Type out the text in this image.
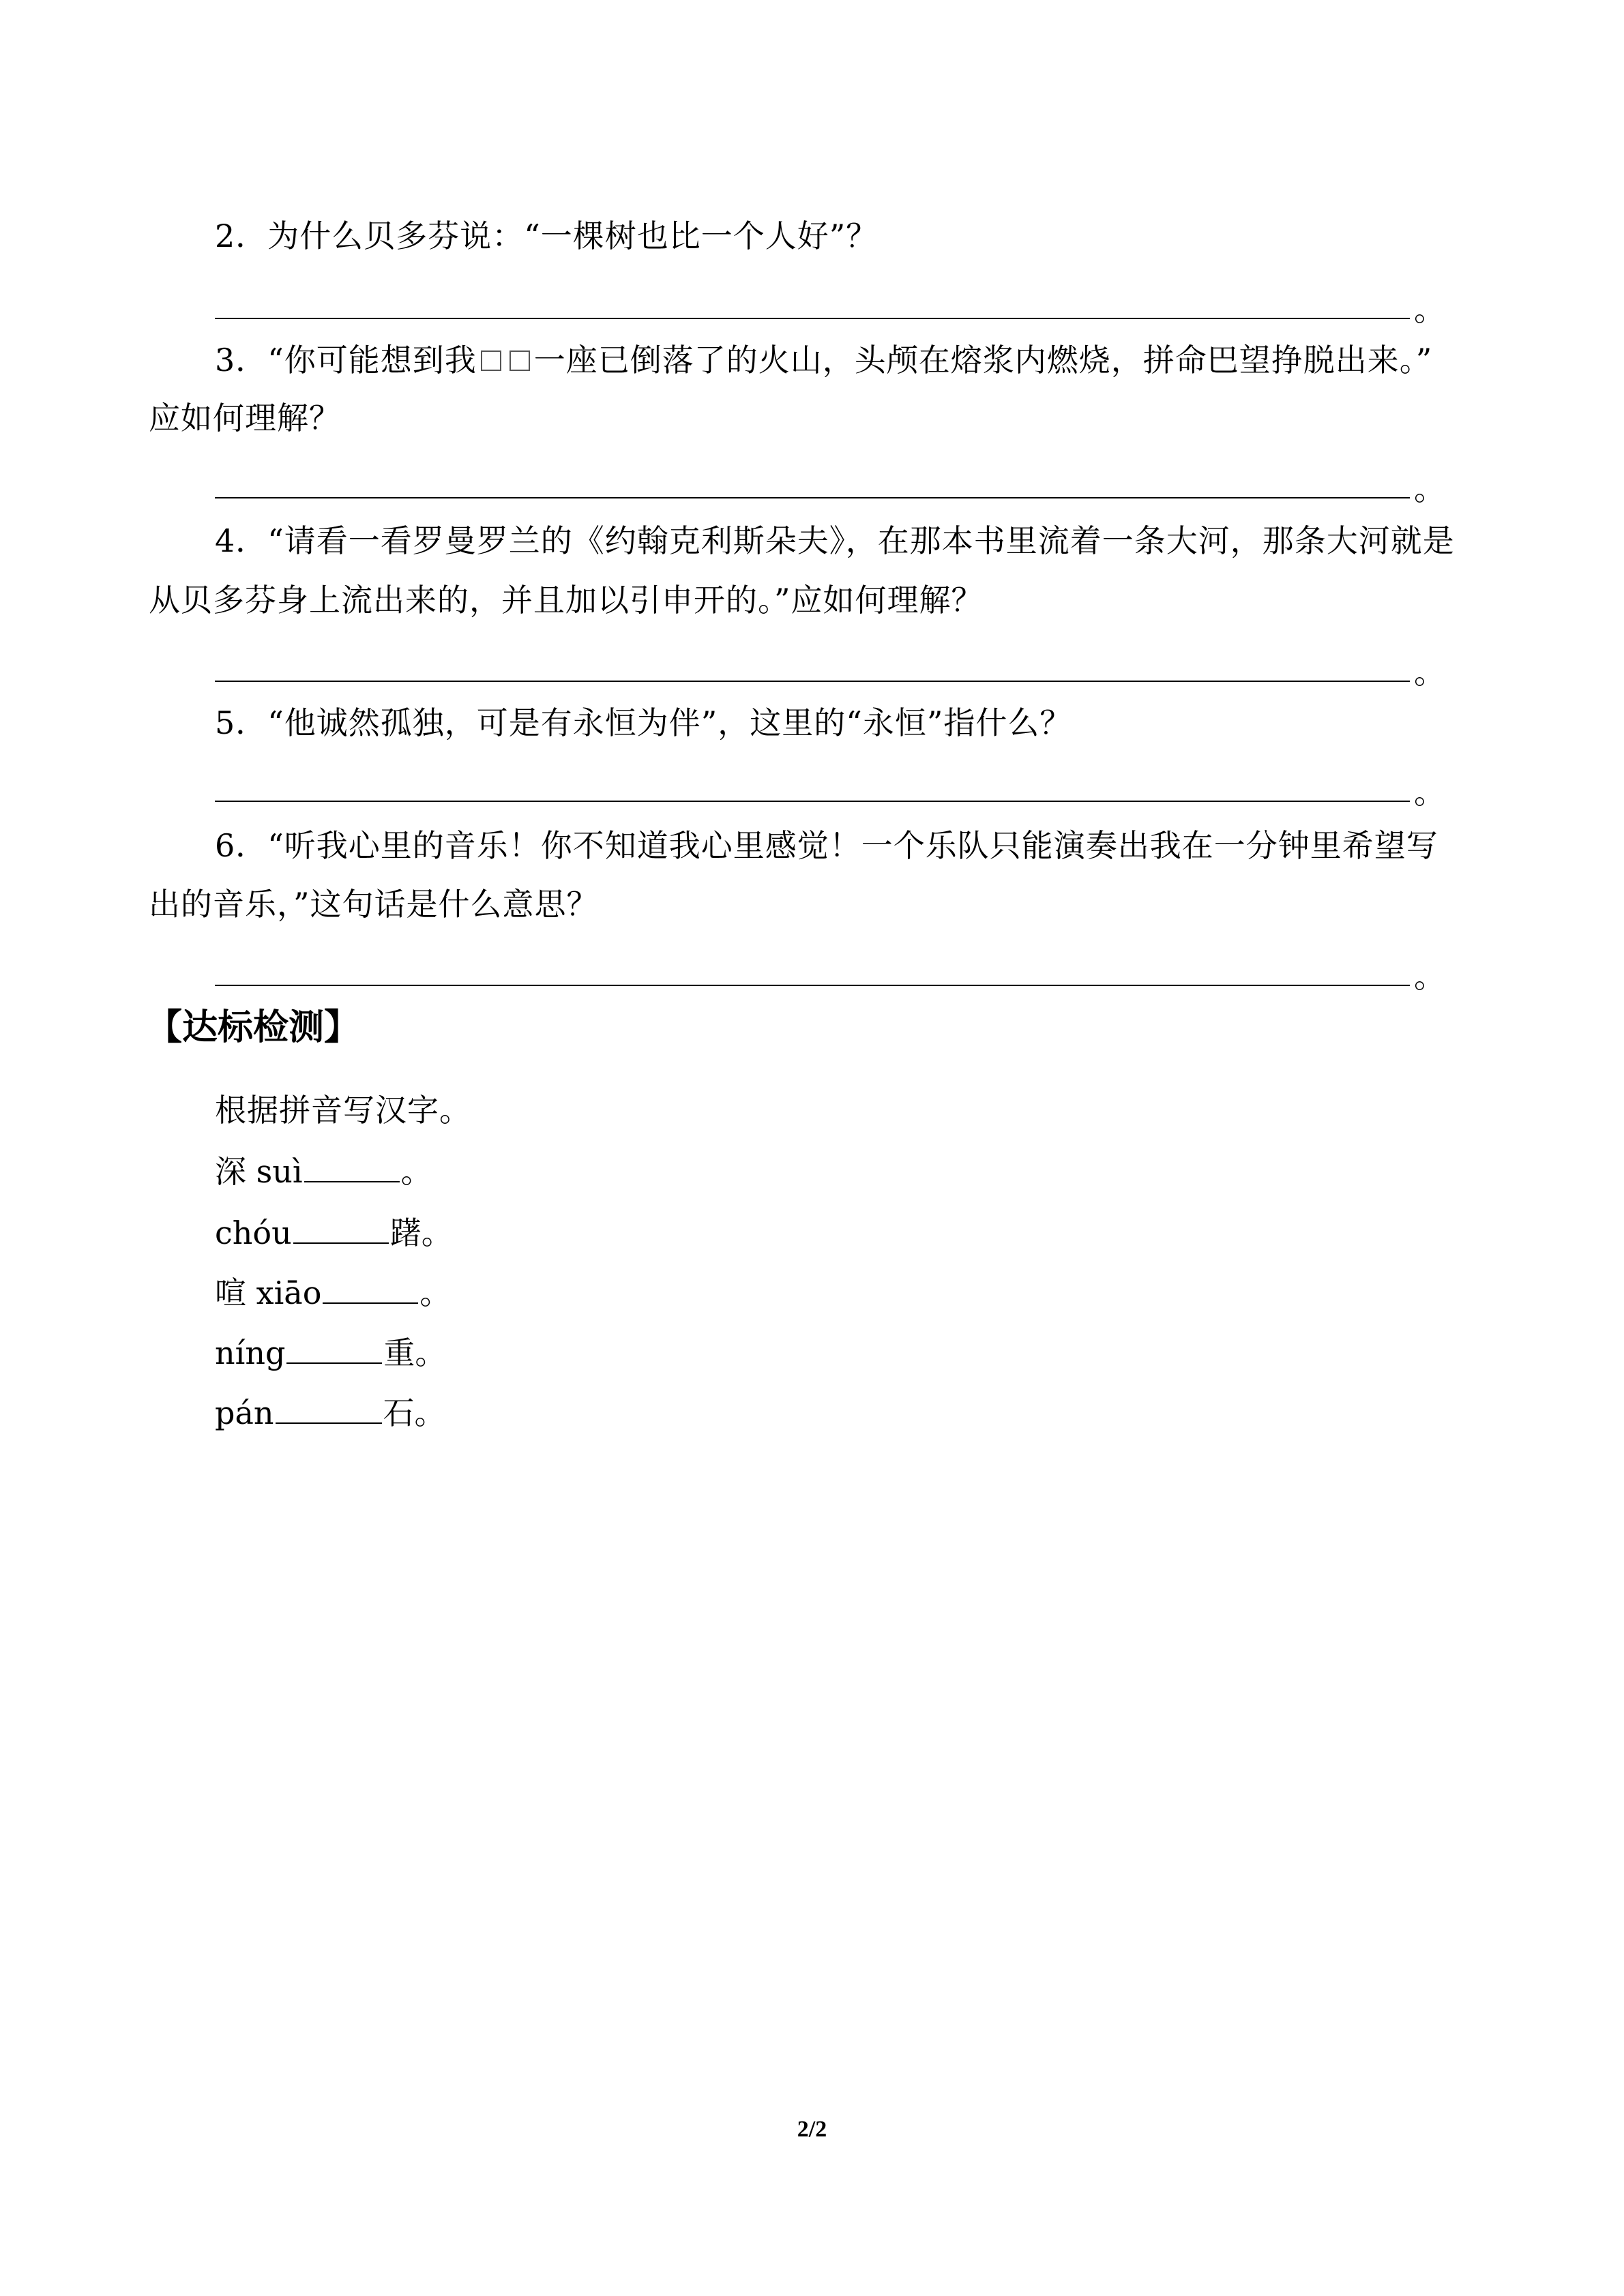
2．为什么贝多芬说：“一棵树也比一个人好”？
。
3．“你可能想到我 一座已倒落了的火山，头颅在熔浆内燃烧，拼命巴望挣脱出来。”
应如何理解？
。
4．“请看一看罗曼罗兰的《约翰克利斯朵夫》，在那本书里流着一条大河，那条大河就是
从贝多芬身上流出来的，并且加以引申开的。”应如何理解？
。
5．“他诚然孤独，可是有永恒为伴”，这里的“永恒”指什么？
。
6．“听我心里的音乐！你不知道我心里感觉！一个乐队只能演奏出我在一分钟里希望写
出的音乐，”这句话是什么意思？
。
【达标检测】
根据拼音写汉字。
深 suì	。
chóu	躇。
喧 xiāo	。
níng	重。
pán	石。
2/2
